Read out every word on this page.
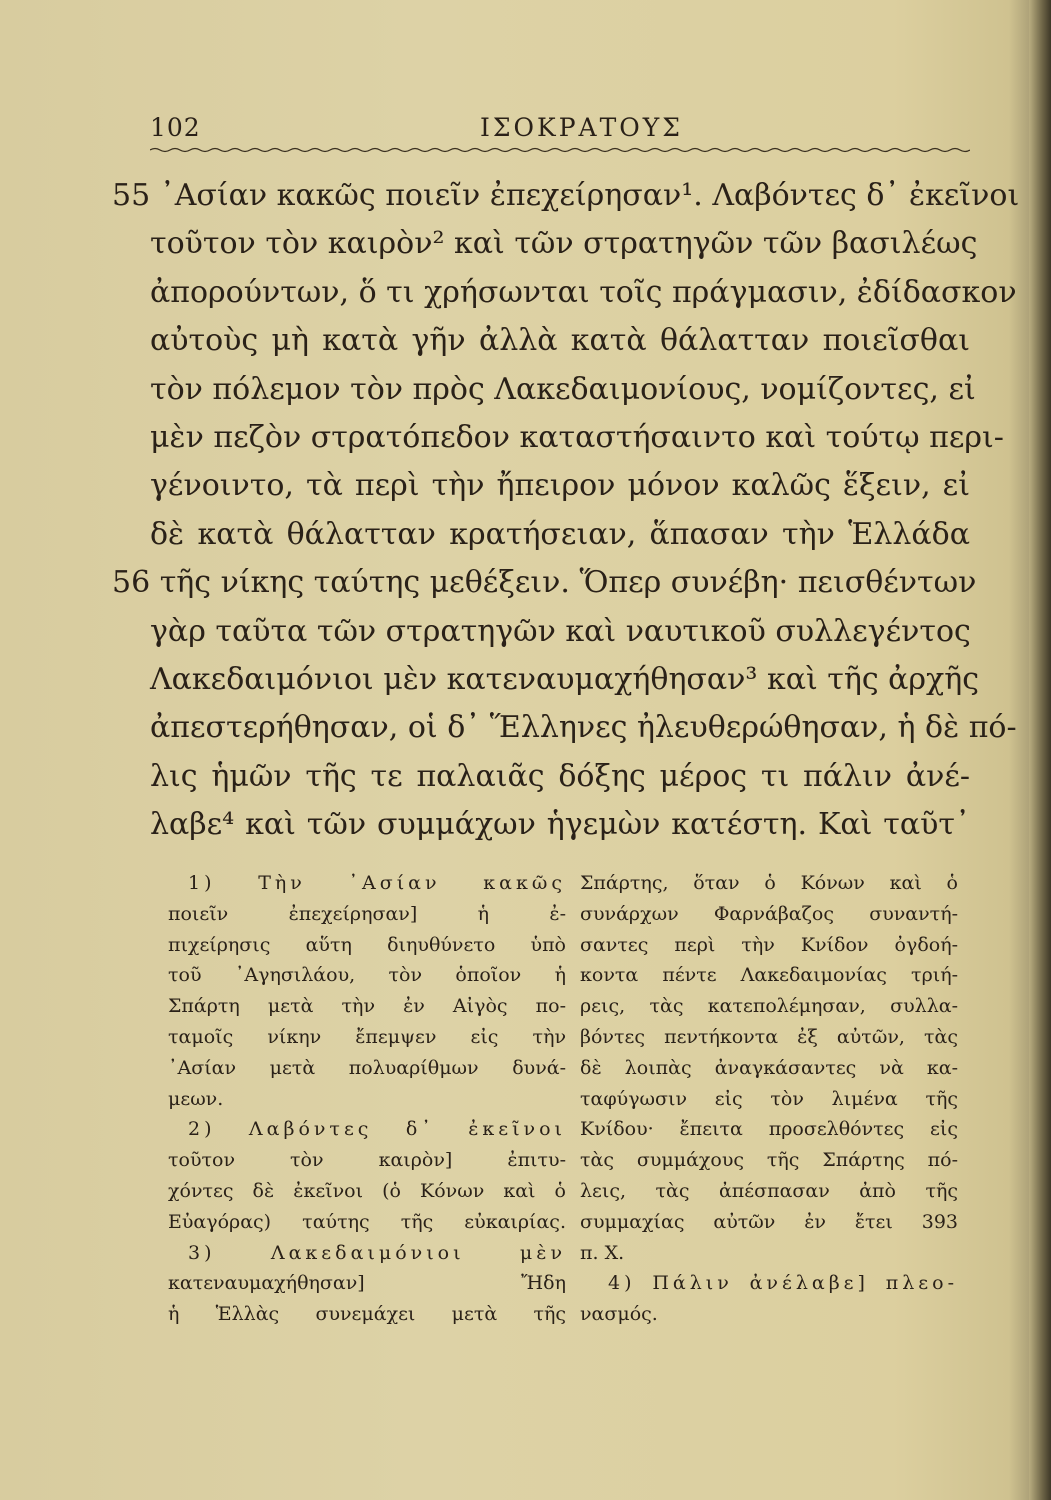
102	ΙΣΟΚΡΑΤΟΥΣ
55 ᾿Ασίαν κακῶς ποιεῖν ἐπεχείρησαν¹. Λαβόντες δ᾿ ἐκεῖνοι
τοῦτον τὸν καιρὸν² καὶ τῶν στρατηγῶν τῶν βασιλέως
ἀπορούντων, ὅ τι χρήσωνται τοῖς πράγμασιν, ἐδίδασκον
αὐτοὺς μὴ κατὰ γῆν ἀλλὰ κατὰ θάλατταν ποιεῖσθαι
τὸν πόλεμον τὸν πρὸς Λακεδαιμονίους, νομίζοντες, εἰ
μὲν πεζὸν στρατόπεδον καταστήσαιντο καὶ τούτῳ περι-
γένοιντο, τὰ περὶ τὴν ἤπειρον μόνον καλῶς ἕξειν, εἰ
δὲ κατὰ θάλατταν κρατήσειαν, ἅπασαν τὴν Ἑλλάδα
56 τῆς νίκης ταύτης μεθέξειν. Ὅπερ συνέβη· πεισθέντων
γὰρ ταῦτα τῶν στρατηγῶν καὶ ναυτικοῦ συλλεγέντος
Λακεδαιμόνιοι μὲν κατεναυμαχήθησαν³ καὶ τῆς ἀρχῆς
ἀπεστερήθησαν, οἱ δ᾿ Ἕλληνες ἠλευθερώθησαν, ἡ δὲ πό-
λις ἡμῶν τῆς τε παλαιᾶς δόξης μέρος τι πάλιν ἀνέ-
λαβε⁴ καὶ τῶν συμμάχων ἡγεμὼν κατέστη. Καὶ ταῦτ᾿
1) Τὴν ᾿Ασίαν κακῶς
ποιεῖν ἐπεχείρησαν] ἡ ἐ-
πιχείρησις αὕτη διηυθύνετο ὑπὸ
τοῦ ᾿Αγησιλάου, τὸν ὁποῖον ἡ
Σπάρτη μετὰ τὴν ἐν Αἰγὸς πο-
ταμοῖς νίκην ἔπεμψεν εἰς τὴν
᾿Ασίαν μετὰ πολυαρίθμων δυνά-
μεων.
2) Λαβόντες δ᾿ ἐκεῖνοι
τοῦτον τὸν καιρὸν] ἐπιτυ-
χόντες δὲ ἐκεῖνοι (ὁ Κόνων καὶ ὁ
Εὐαγόρας) ταύτης τῆς εὐκαιρίας.
3) Λακεδαιμόνιοι μὲν
κατεναυμαχήθησαν] Ἤδη
ἡ Ἑλλὰς συνεμάχει μετὰ τῆς
Σπάρτης, ὅταν ὁ Κόνων καὶ ὁ
συνάρχων Φαρνάβαζος συναντή-
σαντες περὶ τὴν Κνίδον ὀγδοή-
κοντα πέντε Λακεδαιμονίας τριή-
ρεις, τὰς κατεπολέμησαν, συλλα-
βόντες πεντήκοντα ἐξ αὐτῶν, τὰς
δὲ λοιπὰς ἀναγκάσαντες νὰ κα-
ταφύγωσιν εἰς τὸν λιμένα τῆς
Κνίδου· ἔπειτα προσελθόντες εἰς
τὰς συμμάχους τῆς Σπάρτης πό-
λεις, τὰς ἀπέσπασαν ἀπὸ τῆς
συμμαχίας αὐτῶν ἐν ἔτει 393
π. Χ.
4) Πάλιν ἀνέλαβε] πλεο-
νασμός.
